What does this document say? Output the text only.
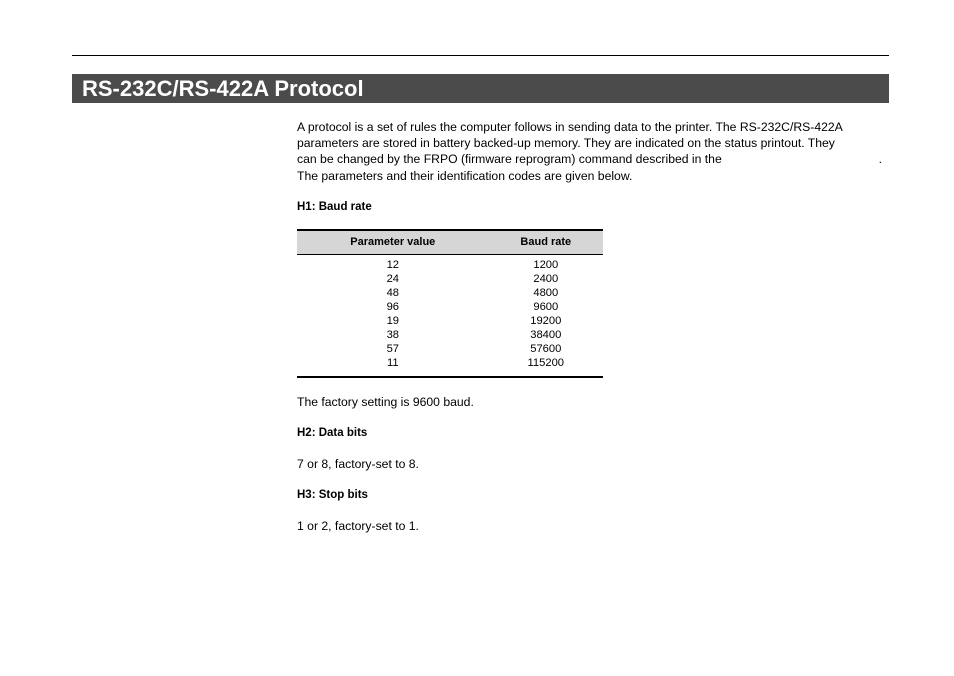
RS-232C/RS-422A Protocol

A protocol is a set of rules the computer follows in sending data to the printer. The RS-232C/RS-422A

parameters are stored in battery backed-up memory. They are indicated on the status printout. They

can be changed by the FRPO (firmware reprogram) command described in the	.

The parameters and their identification codes are given below.

H1: Baud rate

Parameter value	Baud rate
12	1200
24	2400
48	4800
96	9600
19	19200
38	38400
57	57600
11	115200

The factory setting is 9600 baud.

H2: Data bits

7 or 8, factory-set to 8.

H3: Stop bits

1 or 2, factory-set to 1.
